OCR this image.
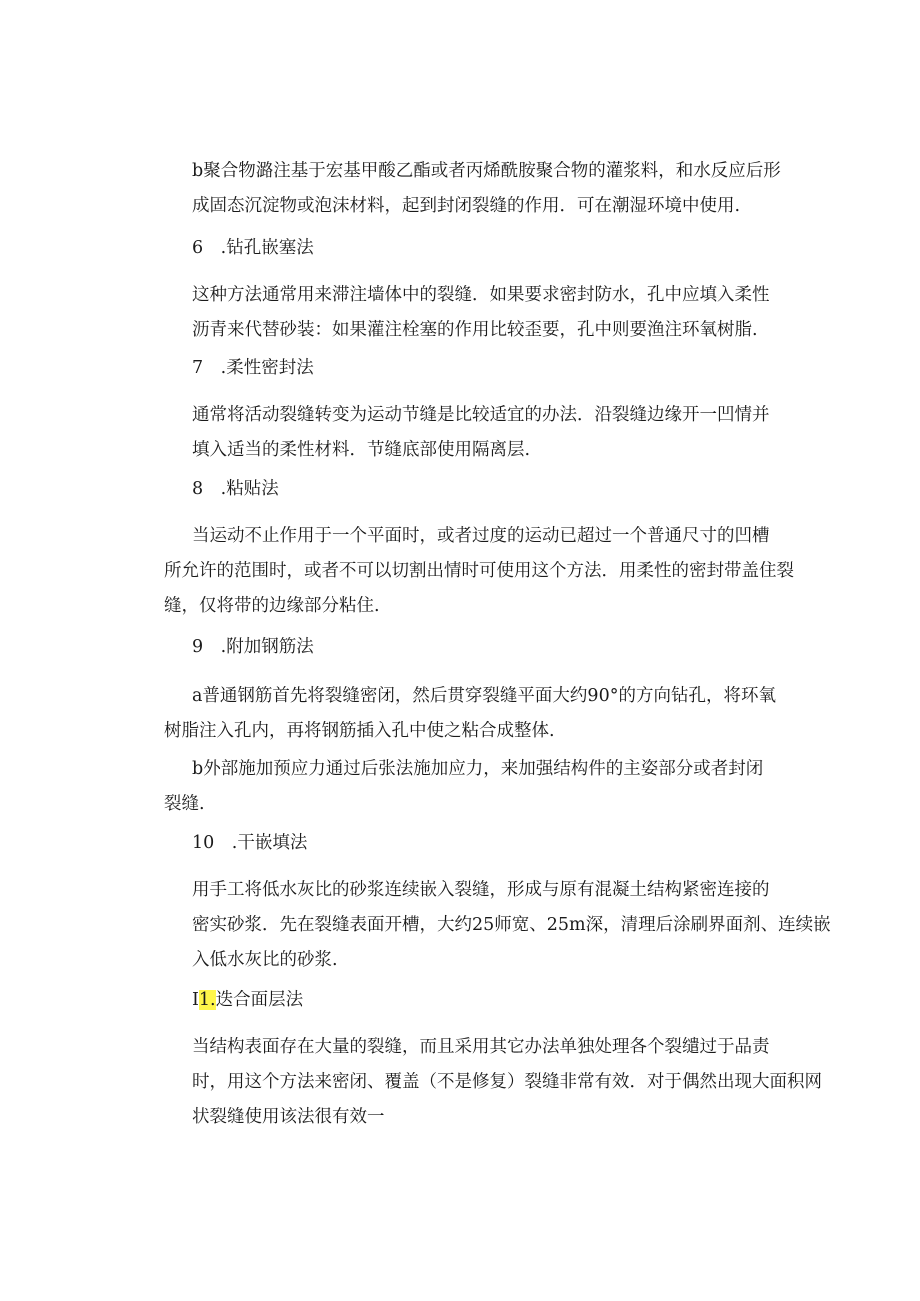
b聚合物潞注基于宏基甲酸乙酯或者丙烯酰胺聚合物的灌浆料，和水反应后形
成固态沉淀物或泡沫材料，起到封闭裂缝的作用．可在潮湿环境中使用.
6　.钻孔嵌塞法
这种方法通常用来滞注墙体中的裂缝．如果要求密封防水，孔中应填入柔性
沥青来代替砂装：如果灌注栓塞的作用比较歪要，孔中则要渔注环氧树脂.
7　.柔性密封法
通常将活动裂缝转变为运动节缝是比较适宜的办法．沿裂缝边缘开一凹情并
填入适当的柔性材料．节缝底部使用隔离层.
8　.粘贴法
当运动不止作用于一个平面时，或者过度的运动已超过一个普通尺寸的凹槽
所允许的范围时，或者不可以切割出情时可使用这个方法．用柔性的密封带盖住裂
缝，仅将带的边缘部分粘住.
9　.附加钢筋法
a普通钢筋首先将裂缝密闭，然后贯穿裂缝平面大约90°的方向钻孔，将环氧
树脂注入孔内，再将钢筋插入孔中使之粘合成整体.
b外部施加预应力通过后张法施加应力，来加强结构件的主姿部分或者封闭
裂缝.
10　.干嵌填法
用手工将低水灰比的砂浆连续嵌入裂缝，形成与原有混凝土结构紧密连接的
密实砂浆．先在裂缝表面开槽，大约25师宽、25m深，清理后涂刷界面剂、连续嵌
入低水灰比的砂浆.
I1.迭合面层法
当结构表面存在大量的裂缝，而且采用其它办法单独处理各个裂缱过于品责
时，用这个方法来密闭、覆盖（不是修复）裂缝非常有效．对于偶然出现大面积网
状裂缝使用该法很有效一
